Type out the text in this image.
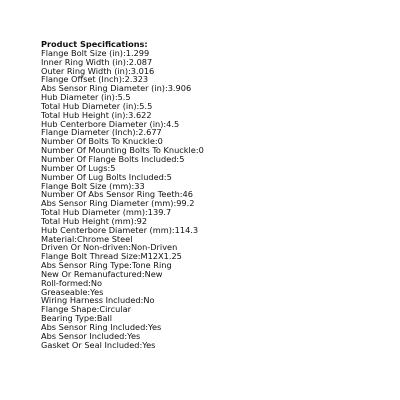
Product Specifications:
Flange Bolt Size (in):1.299
Inner Ring Width (in):2.087
Outer Ring Width (in):3.016
Flange Offset (Inch):2.323
Abs Sensor Ring Diameter (in):3.906
Hub Diameter (in):5.5
Total Hub Diameter (in):5.5
Total Hub Height (in):3.622
Hub Centerbore Diameter (in):4.5
Flange Diameter (Inch):2.677
Number Of Bolts To Knuckle:0
Number Of Mounting Bolts To Knuckle:0
Number Of Flange Bolts Included:5
Number Of Lugs:5
Number Of Lug Bolts Included:5
Flange Bolt Size (mm):33
Number Of Abs Sensor Ring Teeth:46
Abs Sensor Ring Diameter (mm):99.2
Total Hub Diameter (mm):139.7
Total Hub Height (mm):92
Hub Centerbore Diameter (mm):114.3
Material:Chrome Steel
Driven Or Non-driven:Non-Driven
Flange Bolt Thread Size:M12X1.25
Abs Sensor Ring Type:Tone Ring
New Or Remanufactured:New
Roll-formed:No
Greaseable:Yes
Wiring Harness Included:No
Flange Shape:Circular
Bearing Type:Ball
Abs Sensor Ring Included:Yes
Abs Sensor Included:Yes
Gasket Or Seal Included:Yes
